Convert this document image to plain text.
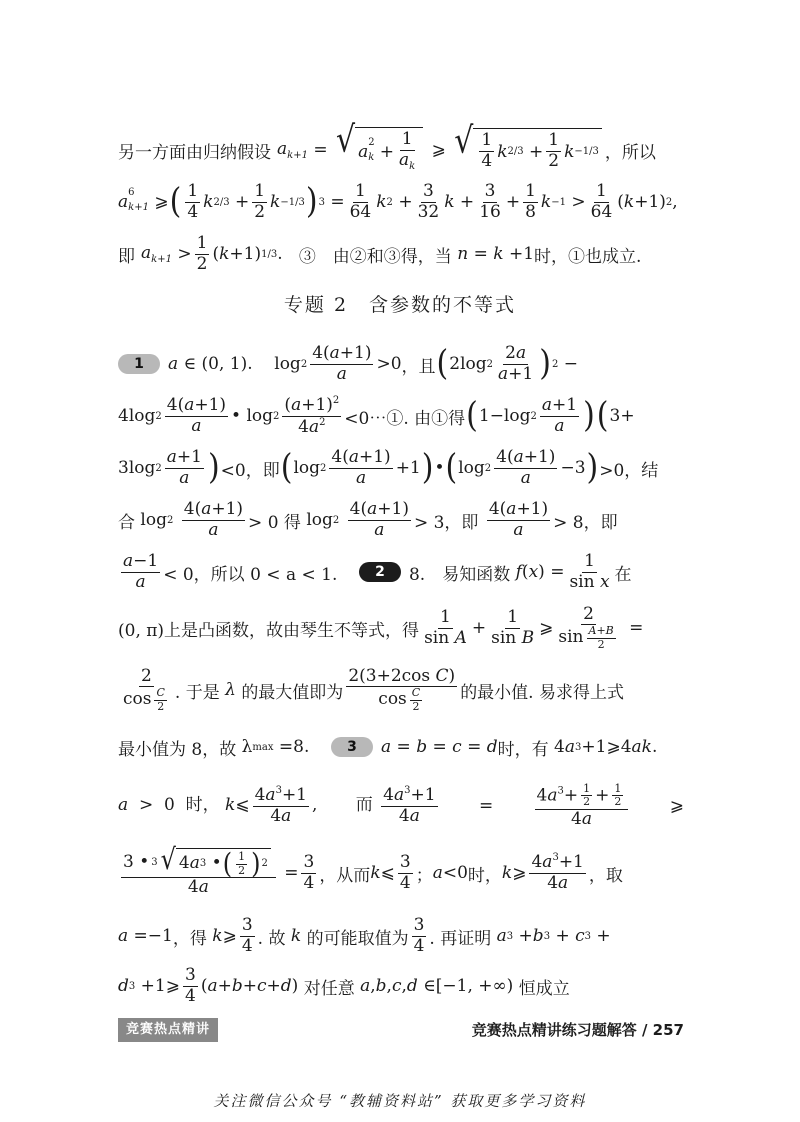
另一方面由归纳假设 $a_{k+1}$ = √ a 2
$_k + \frac{1}{a_k}$ ⩾ √ $\frac{1}{4}$ k $2/3 + \frac{1}{2}$ k −1/3 ，所以
a 6
$_{k+1}$ ⩾ ( $\frac{1}{4}$ k $2/3 + \frac{1}{2}$ k −1/3 ) $3 = \frac{1}{64}$ k $2 + \frac{3}{32}$ $k + \frac{3}{16} + \frac{1}{8}$ $k -1 > \frac{1}{64}$ ( k +1) 2 ,
即 $a_{k+1} > \frac{1}{2}$ ( k +1) 1/3 . ③　由②和③得，当 n = k +1 时，①也成立.
专题 2　含参数的不等式
1	a ∈ (0, 1).    $\log 2 \frac{4(a+1)}{a} >0$ ，且 ( 2log $2 \frac{2a}{a+1}$ ) 2 −
4log $2 \frac{4(a+1)}{a}$ • $\log 2 \frac{(a+1)^2}{4a^2}$ <0⋯①. 由①得 ( 1−log $2 \frac{a+1}{a}$ ) ( 3+
3log $2 \frac{a+1}{a}$ ) <0，即 ( $\log 2 \frac{4(a+1)}{a} +1$ ) • ( $\log 2 \frac{4(a+1)}{a} -3$ ) >0，结
合 log 2
$\frac{4(a+1)}{a} > 0$ 得 log 2
$\frac{4(a+1)}{a} > 3$，即
$\frac{4(a+1)}{a} > 8$，即
$\frac{a-1}{a} < 0$，所以 0 < a < 1.
	2	8.　易知函数 f ( x ) = $\frac{1}{\text{sin x}}$ 在
(0, π)上是凸函数，故由琴生不等式，得 $\frac{1}{\text{sin A}} + \frac{1}{\text{sin B}}$ ⩾ $\frac{2}{\sin \frac{A+B}{2}}$ =
$\frac{2}{\cos \frac{C}{2}}$ . 于是 λ 的最大值即为 $\frac{\text{2(3+2cos C)}}{\cos \frac{C}{2}}$ 的最小值. 易求得上式
最小值为 8，故 λ max =8.	3	a = b = c = d 时，有 4 a 3 +1⩾4 ak .
a  >  0  时， k⩽ $\frac{4a^3+1}{4a}$ , 而 $\frac{4a^3+1}{4a} = \frac{4a^3+ \frac{1}{2} + \frac{1}{2}}{4a}$ ⩾
$\frac{3 • 3 √ 4 a 3 • ( \frac{1}{2} ) 2}{4a} = \frac{3}{4}$ ，从而 k ⩽ $\frac{3}{4}$ ； a <0 时， k ⩾ $\frac{4a^3+1}{4a}$ ，取
a =−1 ，得 k ⩾ $\frac{3}{4}$ . 故 k 的可能取值为 $\frac{3}{4}$ . 再证明
a 3 + b 3 + c 3 +
d 3 +1⩾ $\frac{3}{4}$ ( a + b + c + d ) 对任意
a , b , c , d ∈[−1, +∞) 恒成立
竞赛热点精讲	竞赛热点精讲练习题解答 / 257
关注微信公众号 “教辅资料站” 获取更多学习资料
